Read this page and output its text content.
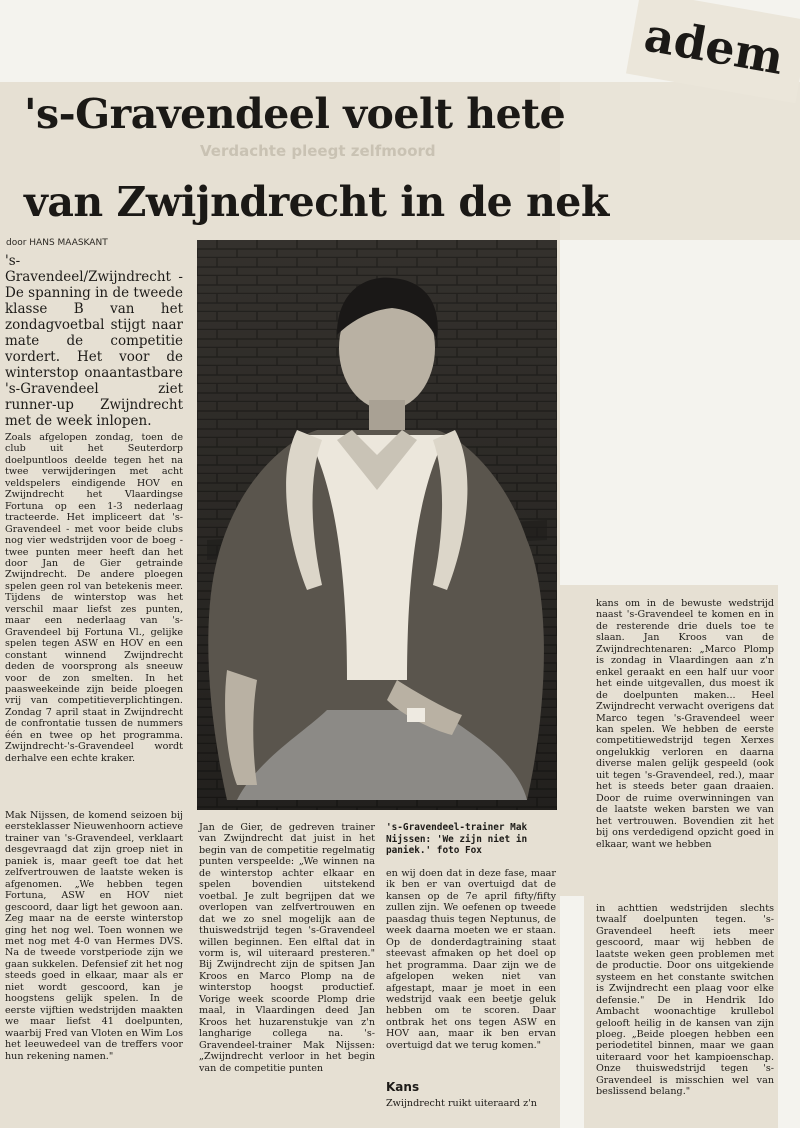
Verdachte pleegt zelfmoord
adem
's-Gravendeel voelt hete
van Zwijndrecht in de nek
door HANS MAASKANT
's-Gravendeel/Zwijndrecht - De spanning in de tweede klasse B van het zondagvoetbal stijgt naar mate de competitie vordert. Het voor de winterstop onaantastbare 's-Gravendeel ziet runner-up Zwijndrecht met de week inlopen.
Zoals afgelopen zondag, toen de club uit het Seuterdorp doelpuntloos deelde tegen het na twee verwijderingen met acht veldspelers eindigende HOV en Zwijndrecht het Vlaardingse Fortuna op een 1-3 nederlaag tracteerde. Het impliceert dat 's-Gravendeel - met voor beide clubs nog vier wedstrijden voor de boeg - twee punten meer heeft dan het door Jan de Gier getrainde Zwijndrecht. De andere ploegen spelen geen rol van betekenis meer. Tijdens de winterstop was het verschil maar liefst zes punten, maar een nederlaag van 's-Gravendeel bij Fortuna Vl., gelijke spelen tegen ASW en HOV en een constant winnend Zwijndrecht deden de voorsprong als sneeuw voor de zon smelten. In het paasweekeinde zijn beide ploegen vrij van competitieverplichtingen. Zondag 7 april staat in Zwijndrecht de confrontatie tussen de nummers één en twee op het programma. Zwijndrecht-'s-Gravendeel wordt derhalve een echte kraker.
Mak Nijssen, de komend seizoen bij eersteklasser Nieuwenhoorn actieve trainer van 's-Gravendeel, verklaart desgevraagd dat zijn groep niet in paniek is, maar geeft toe dat het zelfvertrouwen de laatste weken is afgenomen. „We hebben tegen Fortuna, ASW en HOV niet gescoord, daar ligt het gewoon aan. Zeg maar na de eerste winterstop ging het nog wel. Toen wonnen we met nog met 4-0 van Hermes DVS. Na de tweede vorstperiode zijn we gaan sukkelen. Defensief zit het nog steeds goed in elkaar, maar als er niet wordt gescoord, kan je hoogstens gelijk spelen. In de eerste vijftien wedstrijden maakten we maar liefst 41 doelpunten, waarbij Fred van Vloten en Wim Los het leeuwedeel van de treffers voor hun rekening namen."
Jan de Gier, de gedreven trainer van Zwijndrecht dat juist in het begin van de competitie regelmatig punten verspeelde: „We winnen na de winterstop achter elkaar en spelen bovendien uitstekend voetbal. Je zult begrijpen dat we overlopen van zelfvertrouwen en dat we zo snel mogelijk aan de thuiswedstrijd tegen 's-Gravendeel willen beginnen. Een elftal dat in vorm is, wil uiteraard presteren." Bij Zwijndrecht zijn de spitsen Jan Kroos en Marco Plomp na de winterstop hoogst productief. Vorige week scoorde Plomp drie maal, in Vlaardingen deed Jan Kroos het huzarenstukje van z'n langharige collega na. 's-Gravendeel-trainer Mak Nijssen: „Zwijndrecht verloor in het begin van de competitie punten
's-Gravendeel-trainer Mak Nijssen: 'We zijn niet in paniek.' foto Fox
en wij doen dat in deze fase, maar ik ben er van overtuigd dat de kansen op de 7e april fifty/fifty zullen zijn. We oefenen op tweede paasdag thuis tegen Neptunus, de week daarna moeten we er staan. Op de donderdagtraining staat steevast afmaken op het doel op het programma. Daar zijn we de afgelopen weken niet van afgestapt, maar je moet in een wedstrijd vaak een beetje geluk hebben om te scoren. Daar ontbrak het ons tegen ASW en HOV aan, maar ik ben ervan overtuigd dat we terug komen."
Kans
Zwijndrecht ruikt uiteraard z'n
kans om in de bewuste wedstrijd naast 's-Gravendeel te komen en in de resterende drie duels toe te slaan. Jan Kroos van de Zwijndrechtenaren: „Marco Plomp is zondag in Vlaardingen aan z'n enkel geraakt en een half uur voor het einde uitgevallen, dus moest ik de doelpunten maken... Heel Zwijndrecht verwacht overigens dat Marco tegen 's-Gravendeel weer kan spelen. We hebben de eerste competitiewedstrijd tegen Xerxes ongelukkig verloren en daarna diverse malen gelijk gespeeld (ook uit tegen 's-Gravendeel, red.), maar het is steeds beter gaan draaien. Door de ruime overwinningen van de laatste weken barsten we van het vertrouwen. Bovendien zit het bij ons verdedigend opzicht goed in elkaar, want we hebben
in achttien wedstrijden slechts twaalf doelpunten tegen. 's-Gravendeel heeft iets meer gescoord, maar wij hebben de laatste weken geen problemen met de productie. Door ons uitgekiende systeem en het constante switchen is Zwijndrecht een plaag voor elke defensie." De in Hendrik Ido Ambacht woonachtige krullebol gelooft heilig in de kansen van zijn ploeg. „Beide ploegen hebben een periodetitel binnen, maar we gaan uiteraard voor het kampioenschap. Onze thuiswedstrijd tegen 's-Gravendeel is misschien wel van beslissend belang."
